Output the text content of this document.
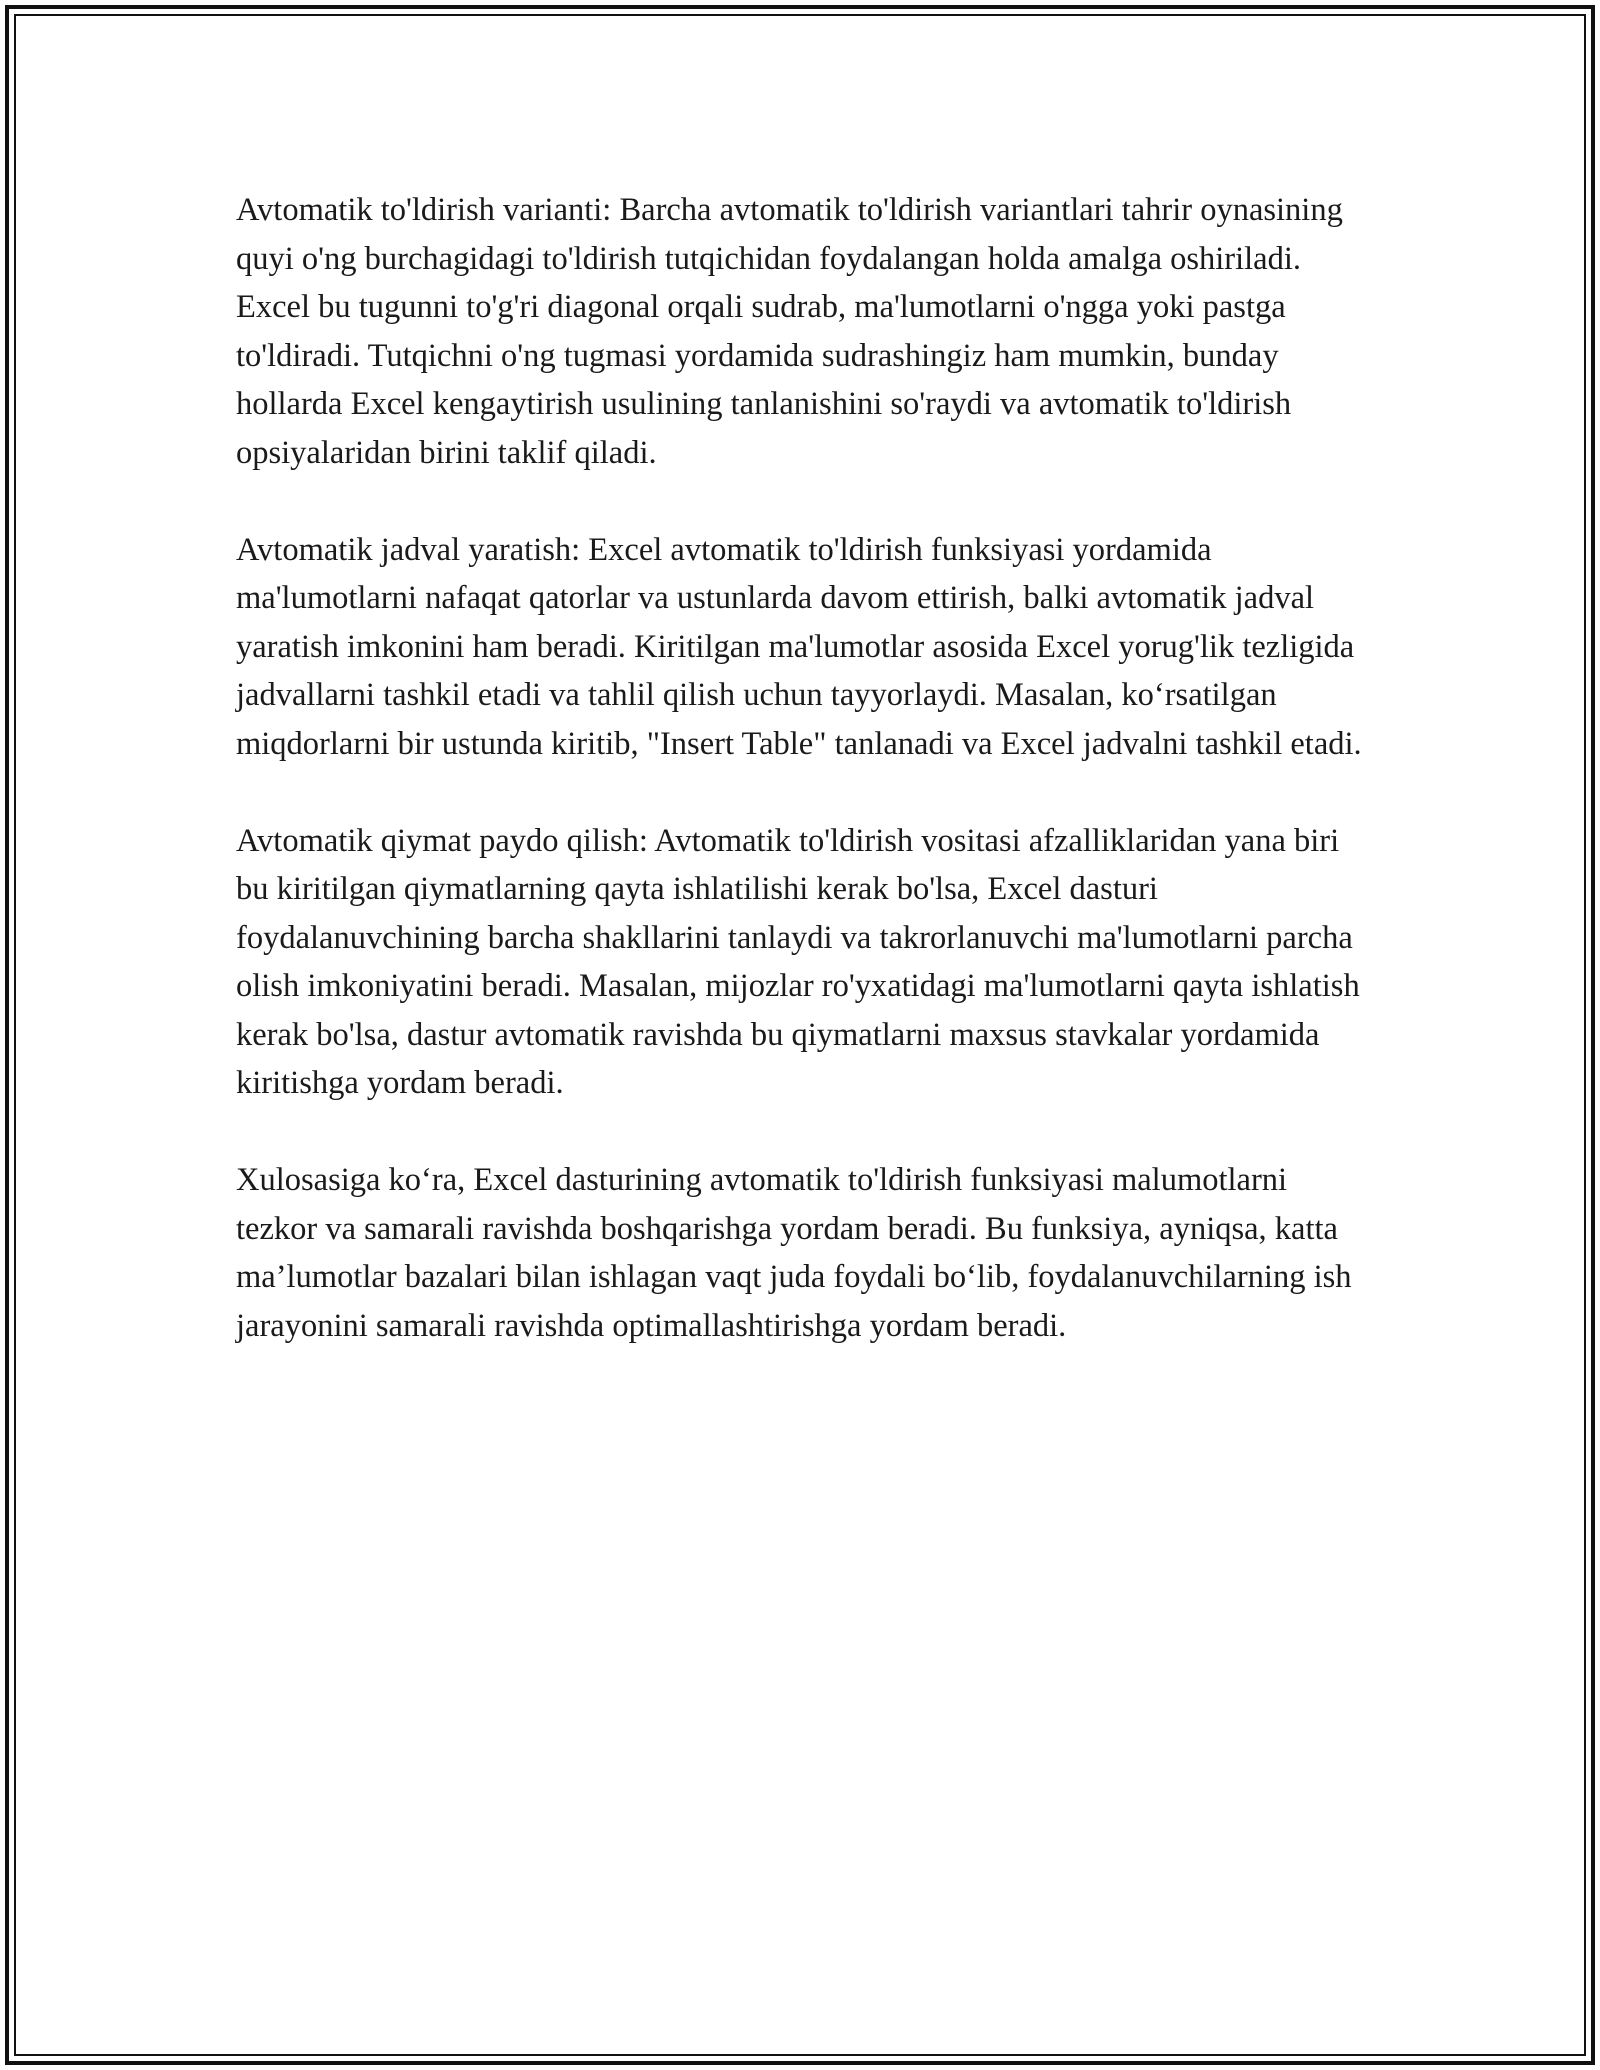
Avtomatik to'ldirish varianti: Barcha avtomatik to'ldirish variantlari tahrir oynasining quyi o'ng burchagidagi to'ldirish tutqichidan foydalangan holda amalga oshiriladi. Excel bu tugunni to'g'ri diagonal orqali sudrab, ma'lumotlarni o'ngga yoki pastga to'ldiradi. Tutqichni o'ng tugmasi yordamida sudrashingiz ham mumkin, bunday hollarda Excel kengaytirish usulining tanlanishini so'raydi va avtomatik to'ldirish opsiyalaridan birini taklif qiladi.

Avtomatik jadval yaratish: Excel avtomatik to'ldirish funksiyasi yordamida ma'lumotlarni nafaqat qatorlar va ustunlarda davom ettirish, balki avtomatik jadval yaratish imkonini ham beradi. Kiritilgan ma'lumotlar asosida Excel yorug'lik tezligida jadvallarni tashkil etadi va tahlil qilish uchun tayyorlaydi. Masalan, koʻrsatilgan miqdorlarni bir ustunda kiritib, "Insert Table" tanlanadi va Excel jadvalni tashkil etadi.

Avtomatik qiymat paydo qilish: Avtomatik to'ldirish vositasi afzalliklaridan yana biri bu kiritilgan qiymatlarning qayta ishlatilishi kerak bo'lsa, Excel dasturi foydalanuvchining barcha shakllarini tanlaydi va takrorlanuvchi ma'lumotlarni parcha olish imkoniyatini beradi. Masalan, mijozlar ro'yxatidagi ma'lumotlarni qayta ishlatish kerak bo'lsa, dastur avtomatik ravishda bu qiymatlarni maxsus stavkalar yordamida kiritishga yordam beradi.

Xulosasiga koʻra, Excel dasturining avtomatik to'ldirish funksiyasi malumotlarni tezkor va samarali ravishda boshqarishga yordam beradi. Bu funksiya, ayniqsa, katta ma’lumotlar bazalari bilan ishlagan vaqt juda foydali boʻlib, foydalanuvchilarning ish jarayonini samarali ravishda optimallashtirishga yordam beradi.
